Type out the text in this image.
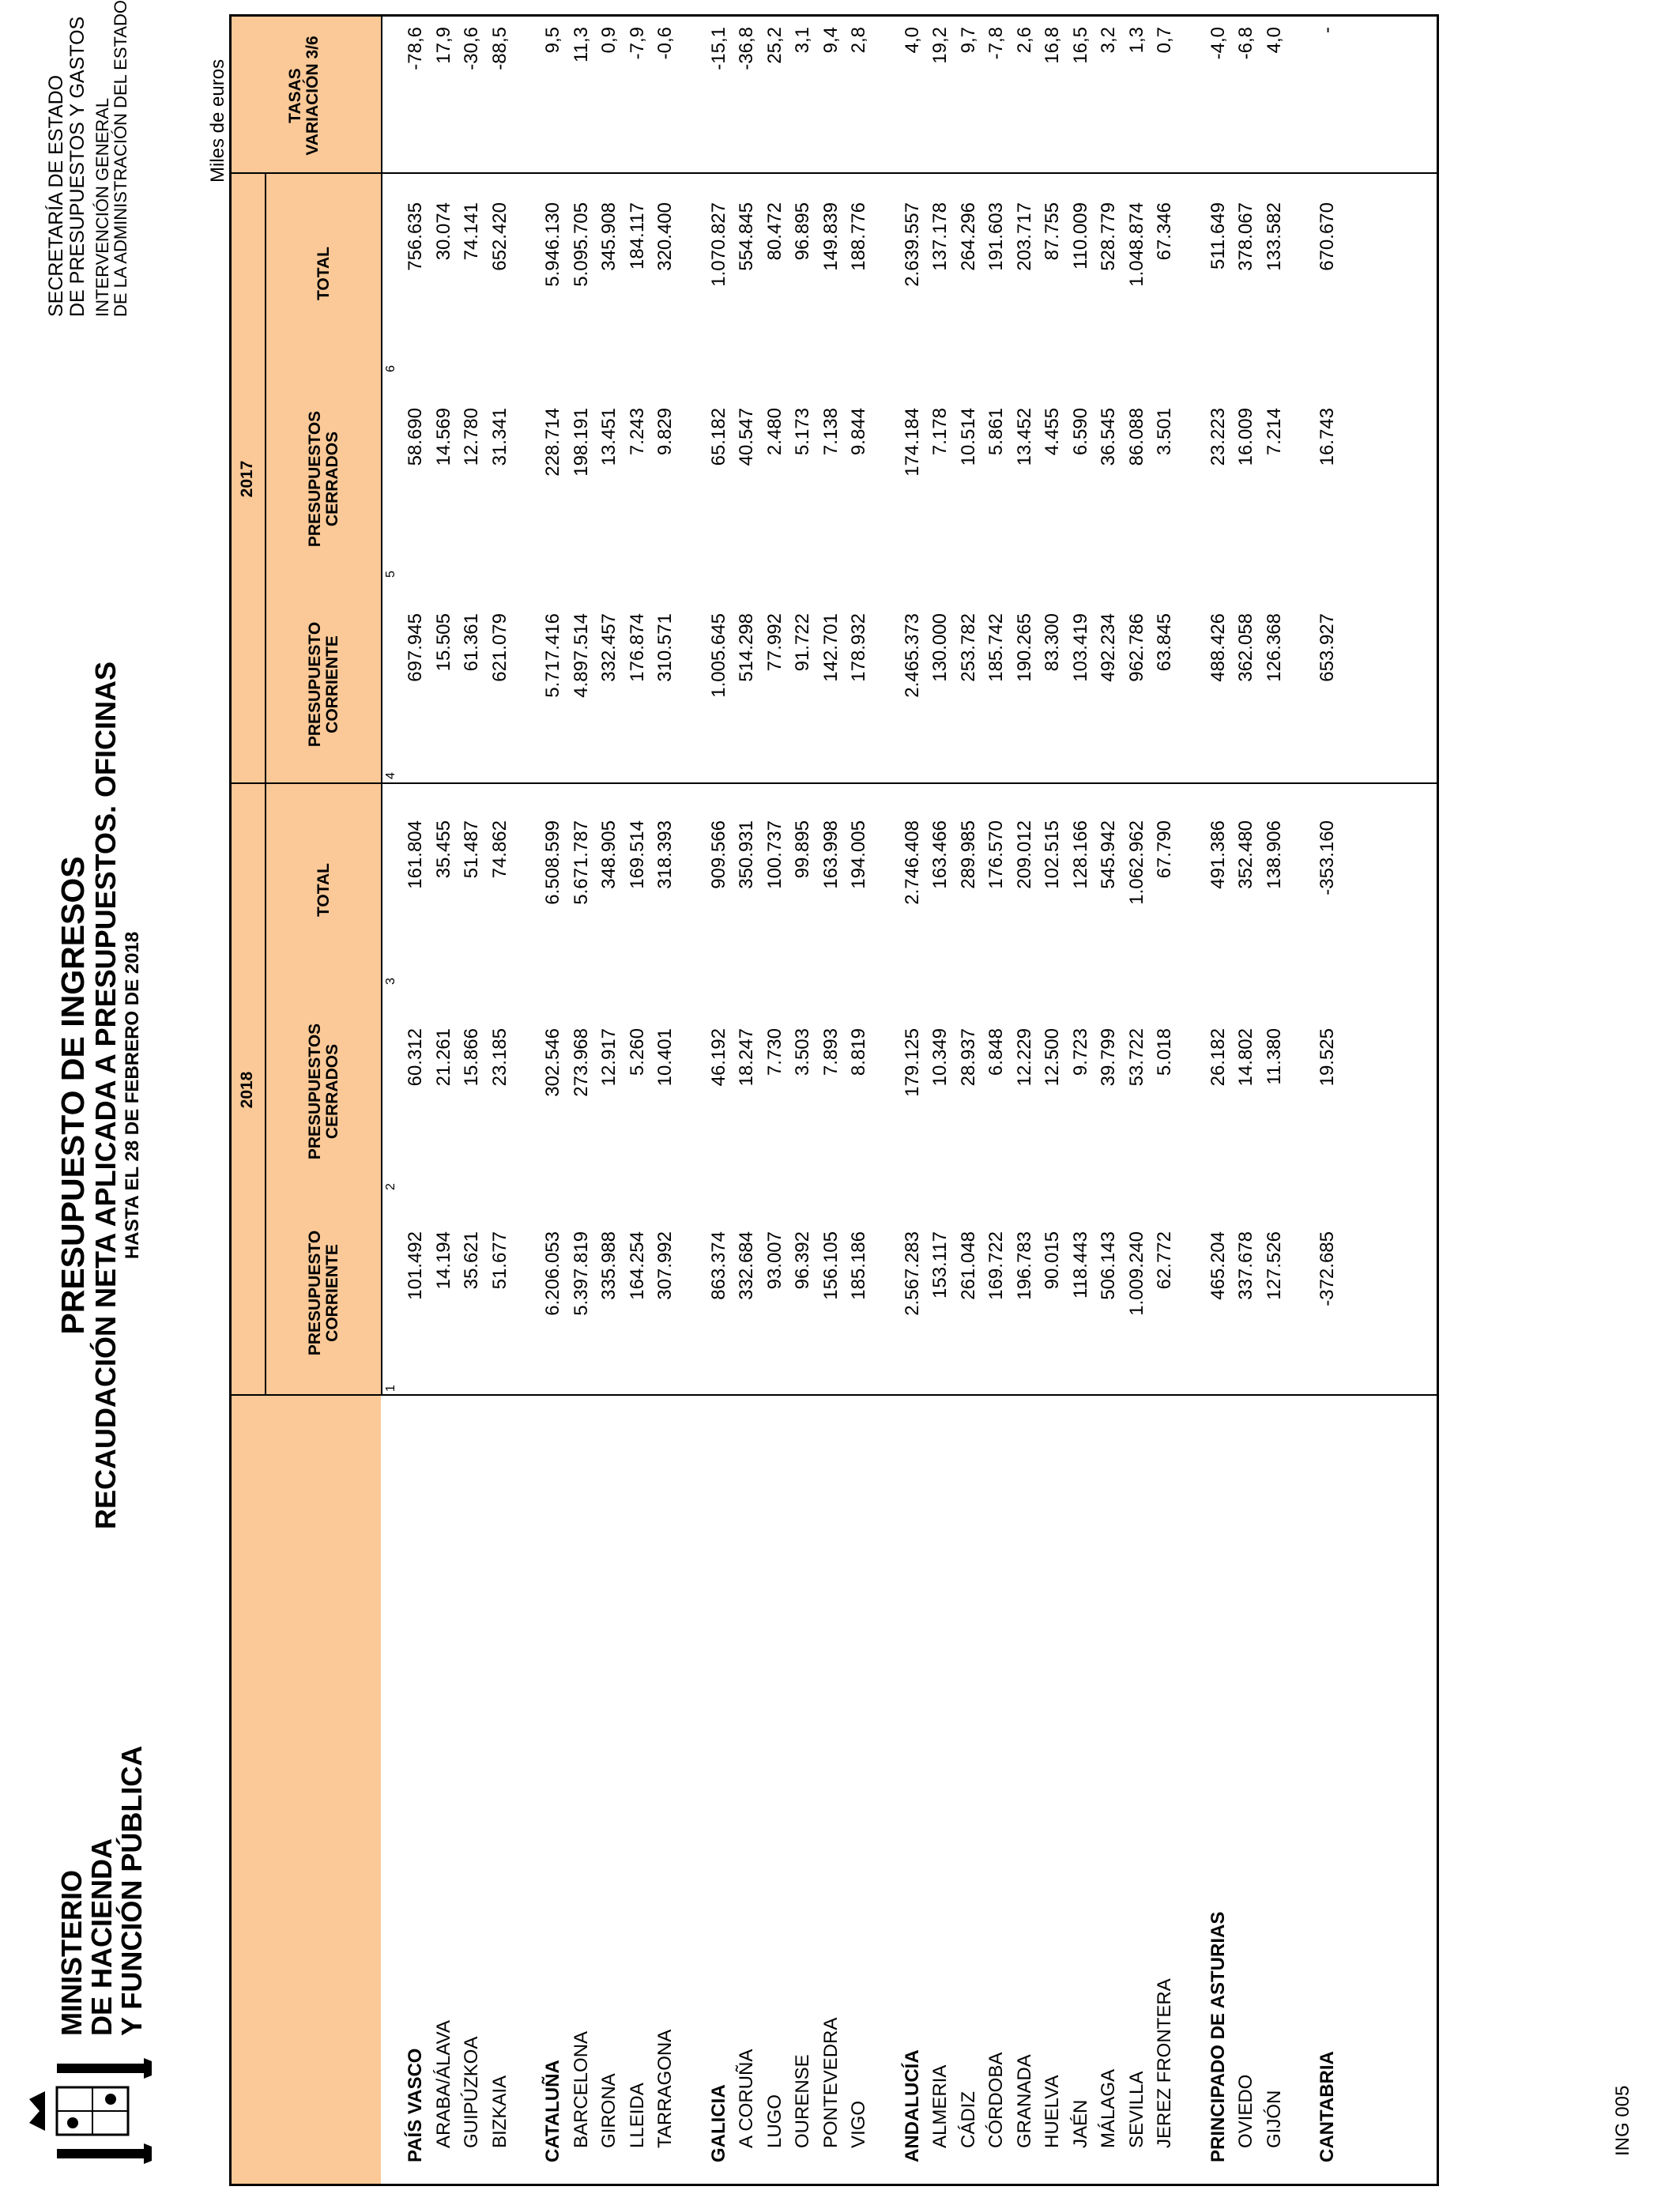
MINISTERIO
DE HACIENDA
Y FUNCIÓN PÚBLICA
PRESUPUESTO DE INGRESOS
RECAUDACIÓN NETA APLICADA A PRESUPUESTOS. OFICINAS HASTA EL 28 DE FEBRERO DE 2018
SECRETARÍA DE ESTADO DE PRESUPUESTOS Y GASTOS INTERVENCIÓN GENERAL
DE LA ADMINISTRACIÓN DEL ESTADO	Miles de euros
ING 005
2018
2017
PRESUPUESTO CORRIENTE
PRESUPUESTOS CERRADOS
TOTAL
PRESUPUESTO CORRIENTE
PRESUPUESTOS CERRADOS
TOTAL
TASAS VARIACIÓN 3/6
1
2
3
4
5
6
PAÍS VASCO
101.492
60.312
161.804
697.945
58.690
756.635
-78,6
ARABA/ÁLAVA
14.194
21.261
35.455
15.505
14.569
30.074
17,9
GUIPÚZKOA
35.621
15.866
51.487
61.361
12.780
74.141
-30,6
BIZKAIA
51.677
23.185
74.862
621.079
31.341
652.420
-88,5
CATALUÑA
6.206.053
302.546
6.508.599
5.717.416
228.714
5.946.130
9,5
BARCELONA
5.397.819
273.968
5.671.787
4.897.514
198.191
5.095.705
11,3
GIRONA
335.988
12.917
348.905
332.457
13.451
345.908
0,9
LLEIDA
164.254
5.260
169.514
176.874
7.243
184.117
-7,9
TARRAGONA
307.992
10.401
318.393
310.571
9.829
320.400
-0,6
GALICIA
863.374
46.192
909.566
1.005.645
65.182
1.070.827
-15,1
A CORUÑA
332.684
18.247
350.931
514.298
40.547
554.845
-36,8
LUGO
93.007
7.730
100.737
77.992
2.480
80.472
25,2
OURENSE
96.392
3.503
99.895
91.722
5.173
96.895
3,1
PONTEVEDRA
156.105
7.893
163.998
142.701
7.138
149.839
9,4
VIGO
185.186
8.819
194.005
178.932
9.844
188.776
2,8
ANDALUCÍA
2.567.283
179.125
2.746.408
2.465.373
174.184
2.639.557
4,0
ALMERIA
153.117
10.349
163.466
130.000
7.178
137.178
19,2
CÁDIZ
261.048
28.937
289.985
253.782
10.514
264.296
9,7
CÓRDOBA
169.722
6.848
176.570
185.742
5.861
191.603
-7,8
GRANADA
196.783
12.229
209.012
190.265
13.452
203.717
2,6
HUELVA
90.015
12.500
102.515
83.300
4.455
87.755
16,8
JAÉN
118.443
9.723
128.166
103.419
6.590
110.009
16,5
MÁLAGA
506.143
39.799
545.942
492.234
36.545
528.779
3,2
SEVILLA
1.009.240
53.722
1.062.962
962.786
86.088
1.048.874
1,3
JEREZ FRONTERA
62.772
5.018
67.790
63.845
3.501
67.346
0,7
PRINCIPADO DE ASTURIAS
465.204
26.182
491.386
488.426
23.223
511.649
-4,0
OVIEDO
337.678
14.802
352.480
362.058
16.009
378.067
-6,8
GIJÓN
127.526
11.380
138.906
126.368
7.214
133.582
4,0
CANTABRIA
-372.685
19.525
-353.160
653.927
16.743
670.670
-
